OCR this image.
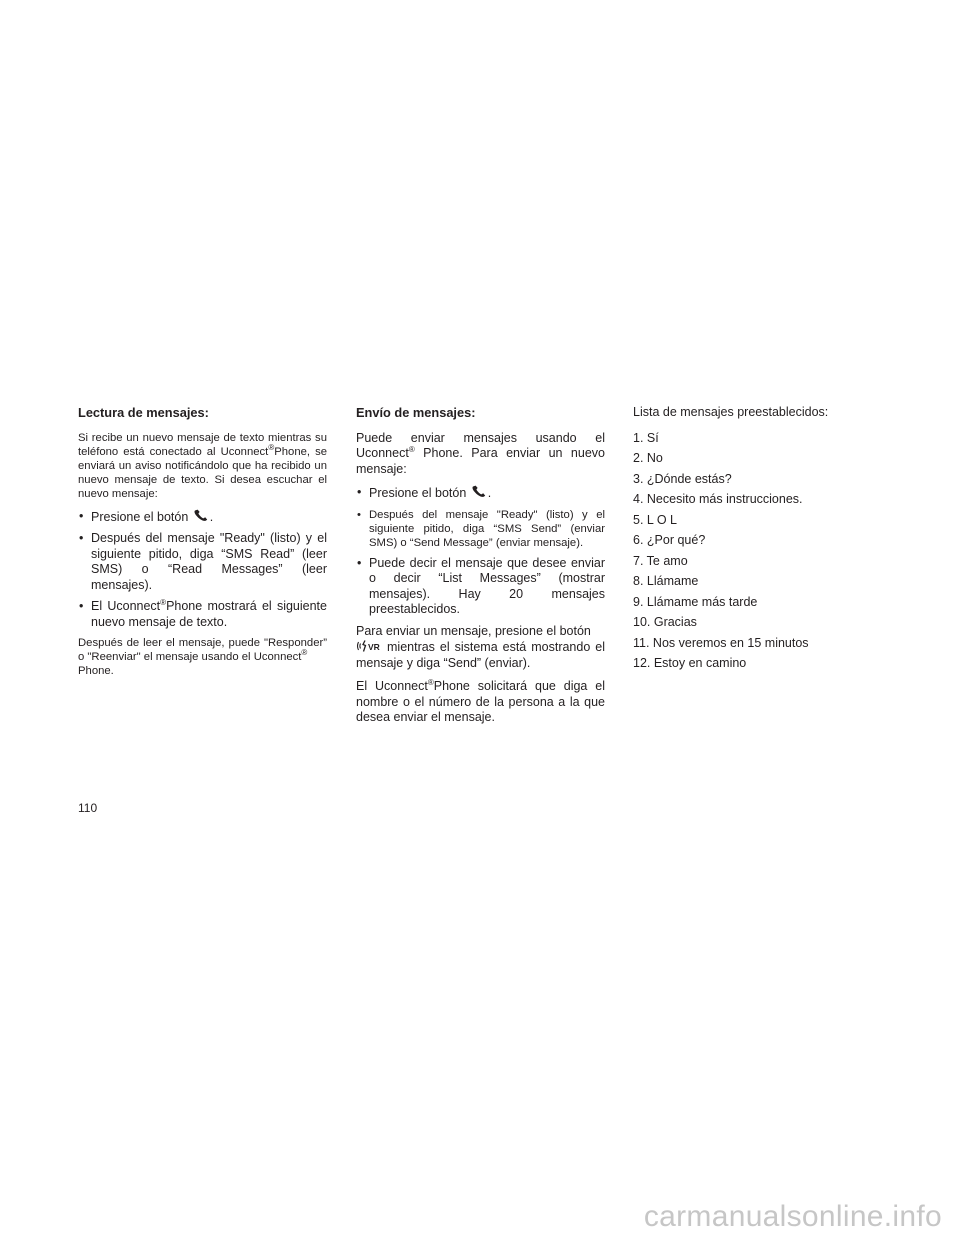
Lectura de mensajes:

Si recibe un nuevo mensaje de texto mientras su teléfono está conectado al Uconnect®Phone, se enviará un aviso notificándolo que ha recibido un nuevo mensaje de texto. Si desea escuchar el nuevo mensaje:

• Presione el botón .
• Después del mensaje "Ready" (listo) y el siguiente pitido, diga “SMS Read” (leer SMS) o “Read Messages” (leer mensajes).
• El Uconnect®Phone mostrará el siguiente nuevo mensaje de texto.

Después de leer el mensaje, puede "Responder” o "Reenviar" el mensaje usando el Uconnect®
Phone.

Envío de mensajes:

Puede enviar mensajes usando el Uconnect® Phone. Para enviar un nuevo mensaje:

• Presione el botón .
• Después del mensaje "Ready" (listo) y el siguiente pitido, diga “SMS Send” (enviar SMS) o “Send Message” (enviar mensaje).
• Puede decir el mensaje que desee enviar o decir “List Messages” (mostrar mensajes). Hay 20 mensajes preestablecidos.

Para enviar un mensaje, presione el botón

VR mientras el sistema está mostrando el mensaje y diga “Send” (enviar).

El Uconnect®Phone solicitará que diga el nombre o el número de la persona a la que desea enviar el mensaje.

Lista de mensajes preestablecidos:
1. Sí
2. No
3. ¿Dónde estás?
4. Necesito más instrucciones.
5. L O L
6. ¿Por qué?
7. Te amo
8. Llámame
9. Llámame más tarde
10. Gracias
11. Nos veremos en 15 minutos
12. Estoy en camino
110
carmanualsonline.info
